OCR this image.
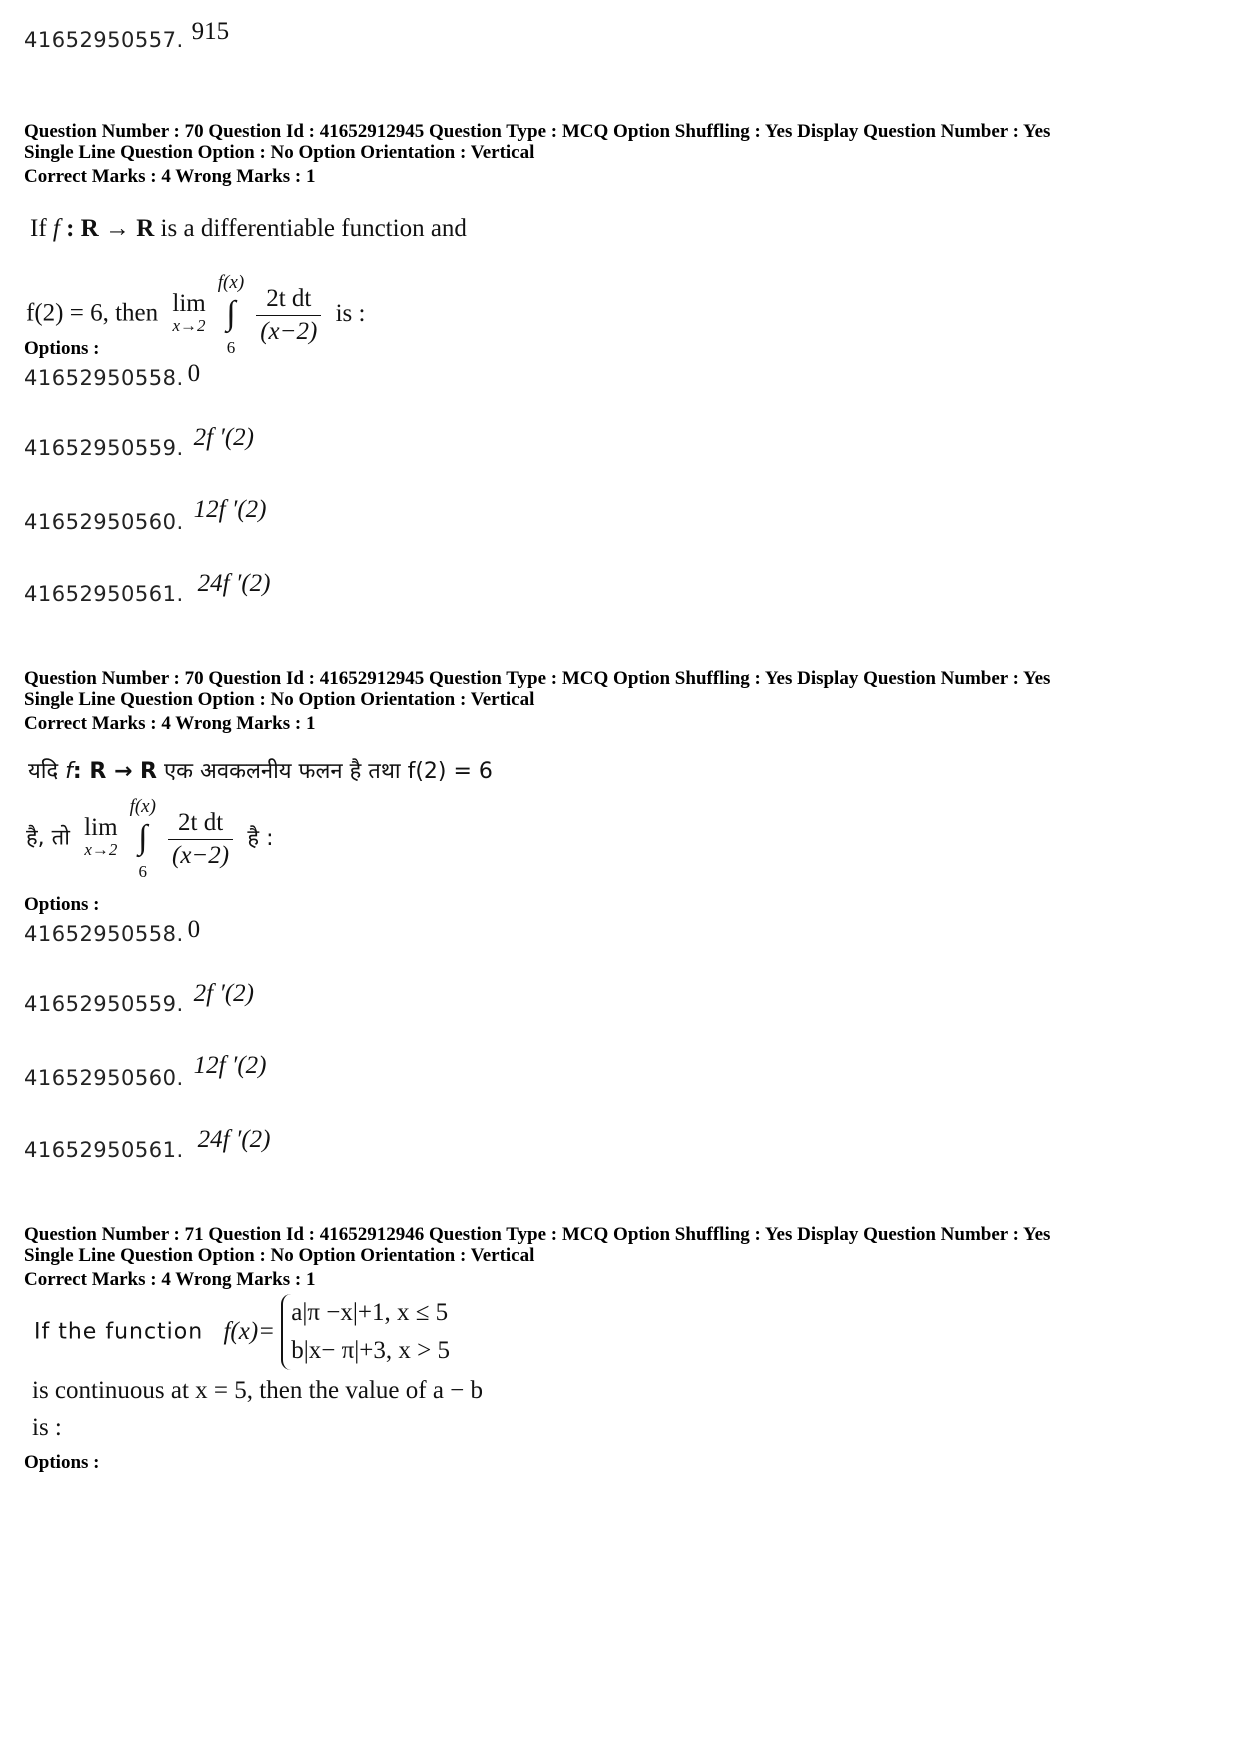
41652950557. 915
Question Number : 70 Question Id : 41652912945 Question Type : MCQ Option Shuffling : Yes Display Question Number : Yes
Single Line Question Option : No Option Orientation : Vertical
Correct Marks : 4 Wrong Marks : 1
If f : R → R is a differentiable function and
f(2) = 6, then lim
x→2

f(x)
∫
6

$\frac{\text{2t dt}}{(x-2)}$ is :
Options :
41652950558. 0
41652950559. 2f ′(2)
41652950560. 12f ′(2)
41652950561. 24f ′(2)
Question Number : 70 Question Id : 41652912945 Question Type : MCQ Option Shuffling : Yes Display Question Number : Yes
Single Line Question Option : No Option Orientation : Vertical
Correct Marks : 4 Wrong Marks : 1
यदि f: R → R एक अवकलनीय फलन है तथा f(2) = 6
है, तो lim
x→2

f(x)
∫
6

$\frac{\text{2t dt}}{(x-2)}$ है :
Options :
41652950558. 0
41652950559. 2f ′(2)
41652950560. 12f ′(2)
41652950561. 24f ′(2)
Question Number : 71 Question Id : 41652912946 Question Type : MCQ Option Shuffling : Yes Display Question Number : Yes
Single Line Question Option : No Option Orientation : Vertical
Correct Marks : 4 Wrong Marks : 1
If the function f(x)=
a|π −x|+1, x ≤ 5
b|x− π|+3, x > 5
is continuous at x = 5, then the value of a − b
is :
Options :
